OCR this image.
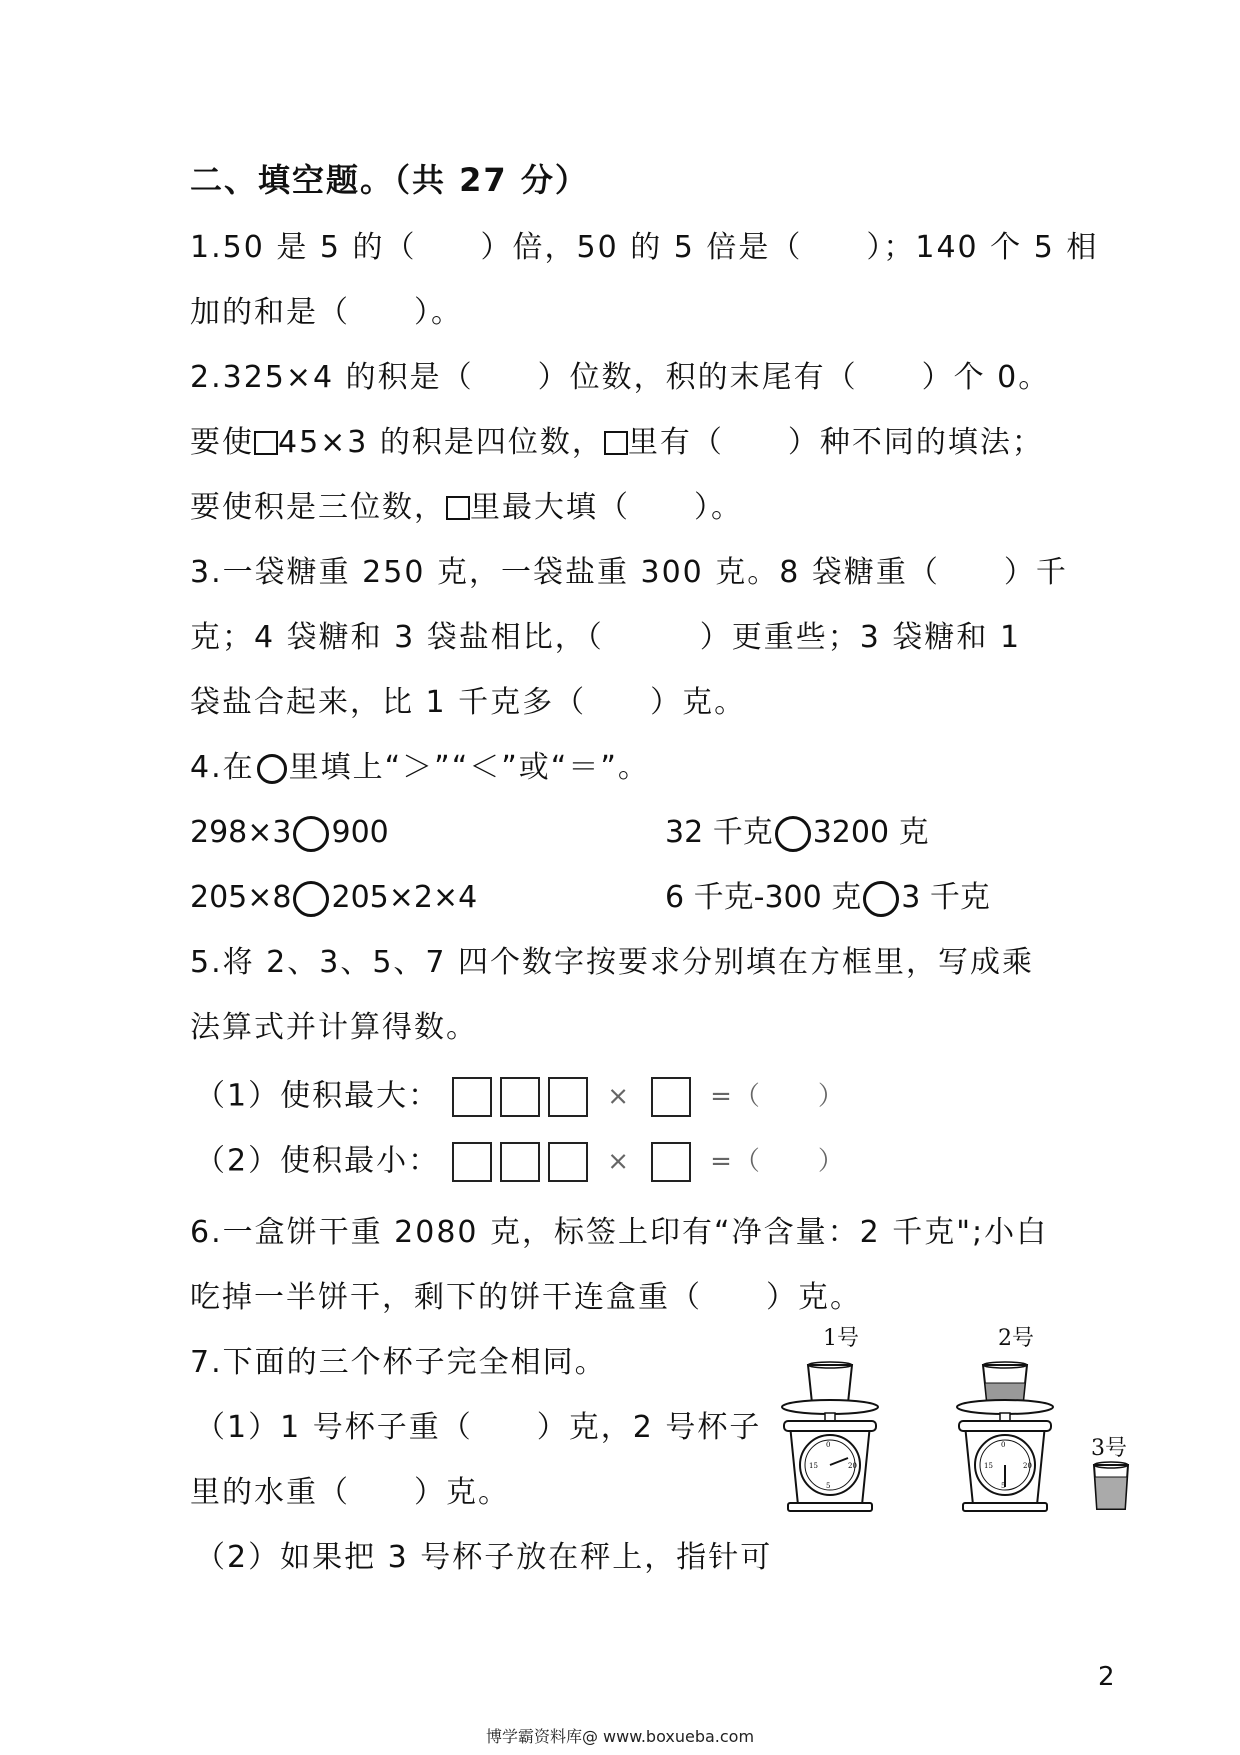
二、填空题。（共 27 分）
1.50 是 5 的（　　）倍，50 的 5 倍是（　　）；140 个 5 相
加的和是（　　）。
2.325×4 的积是（　　）位数，积的末尾有（　　）个 0。
要使 45×3 的积是四位数， 里有（　　）种不同的填法；
要使积是三位数， 里最大填（　　）。
3.一袋糖重 250 克，一袋盐重 300 克。8 袋糖重（　　）千
克；4 袋糖和 3 袋盐相比，（　　　）更重些；3 袋糖和 1
袋盐合起来，比 1 千克多（　　）克。
4.在 里填上“＞”“＜”或“＝”。
298×3 900	32 千克 3200 克
205×8 205×2×4	6 千克-300 克 3 千克
5.将 2、3、5、7 四个数字按要求分别填在方框里，写成乘
法算式并计算得数。
（1）使积最大：	×	=（　　）
（2）使积最小：	×	=（　　）
6.一盒饼干重 2080 克，标签上印有“净含量：2 千克";小白
吃掉一半饼干，剩下的饼干连盒重（　　）克。
7.下面的三个杯子完全相同。
（1）1 号杯子重（　　）克，2 号杯子
里的水重（　　）克。
（2）如果把 3 号杯子放在秤上，指针可
1号
0
20
5
15
2号
0
20
5
15
3号
2
博学霸资料库@ www.boxueba.com
